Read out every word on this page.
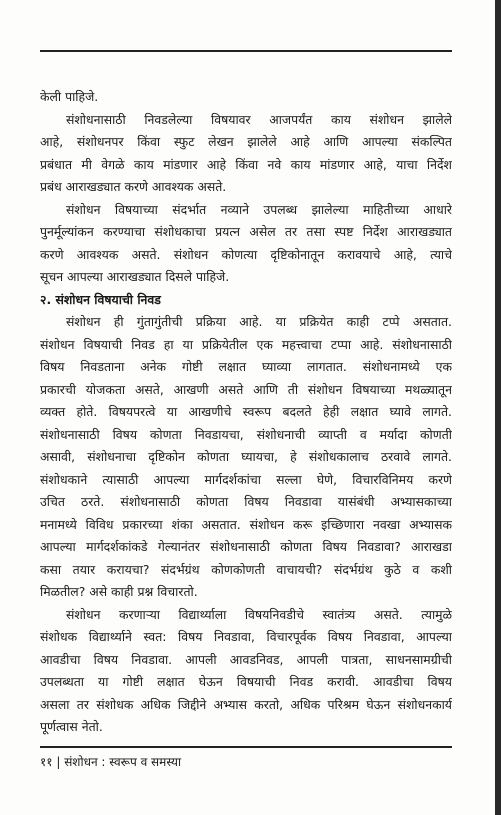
केली पाहिजे.
संशोधनासाठी निवडलेल्या विषयावर आजपर्यंत काय संशोधन झालेले
आहे, संशोधनपर किंवा स्फुट लेखन झालेले आहे आणि आपल्या संकल्पित
प्रबंधात मी वेगळे काय मांडणार आहे किंवा नवे काय मांडणार आहे, याचा निर्देश
प्रबंध आराखड्यात करणे आवश्यक असते.
संशोधन विषयाच्या संदर्भात नव्याने उपलब्ध झालेल्या माहितीच्या आधारे
पुनर्मूल्यांकन करण्याचा संशोधकाचा प्रयत्न असेल तर तसा स्पष्ट निर्देश आराखड्यात
करणे आवश्यक असते. संशोधन कोणत्या दृष्टिकोनातून करावयाचे आहे, त्याचे
सूचन आपल्या आराखड्यात दिसले पाहिजे.
२. संशोधन विषयाची निवड
संशोधन ही गुंतागुंतीची प्रक्रिया आहे. या प्रक्रियेत काही टप्पे असतात.
संशोधन विषयाची निवड हा या प्रक्रियेतील एक महत्त्वाचा टप्पा आहे. संशोधनासाठी
विषय निवडताना अनेक गोष्टी लक्षात घ्याव्या लागतात. संशोधनामध्ये एक
प्रकारची योजकता असते, आखणी असते आणि ती संशोधन विषयाच्या मथळ्यातून
व्यक्त होते. विषयपरत्वे या आखणीचे स्वरूप बदलते हेही लक्षात घ्यावे लागते.
संशोधनासाठी विषय कोणता निवडायचा, संशोधनाची व्याप्ती व मर्यादा कोणती
असावी, संशोधनाचा दृष्टिकोन कोणता घ्यायचा, हे संशोधकालाच ठरवावे लागते.
संशोधकाने त्यासाठी आपल्या मार्गदर्शकांचा सल्ला घेणे, विचारविनिमय करणे
उचित ठरते. संशोधनासाठी कोणता विषय निवडावा यासंबंधी अभ्यासकाच्या
मनामध्ये विविध प्रकारच्या शंका असतात. संशोधन करू इच्छिणारा नवखा अभ्यासक
आपल्या मार्गदर्शकांकडे गेल्यानंतर संशोधनासाठी कोणता विषय निवडावा? आराखडा
कसा तयार करायचा? संदर्भग्रंथ कोणकोणती वाचायची? संदर्भग्रंथ कुठे व कशी
मिळतील? असे काही प्रश्न विचारतो.
संशोधन करणाऱ्या विद्यार्थ्याला विषयनिवडीचे स्वातंत्र्य असते. त्यामुळे
संशोधक विद्यार्थ्याने स्वत: विषय निवडावा, विचारपूर्वक विषय निवडावा, आपल्या
आवडीचा विषय निवडावा. आपली आवडनिवड, आपली पात्रता, साधनसामग्रीची
उपलब्धता या गोष्टी लक्षात घेऊन विषयाची निवड करावी. आवडीचा विषय
असला तर संशोधक अधिक जिद्दीने अभ्यास करतो, अधिक परिश्रम घेऊन संशोधनकार्य
पूर्णत्वास नेतो.
११ | संशोधन : स्वरूप व समस्या
